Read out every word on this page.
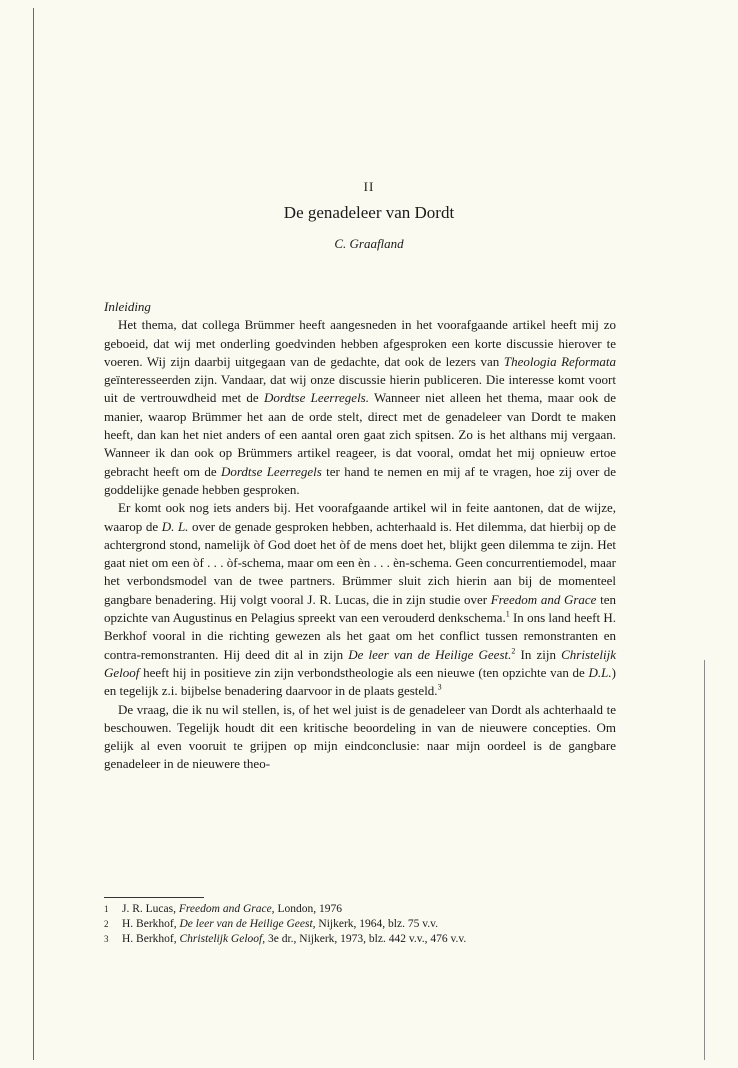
II
De genadeleer van Dordt
C. Graafland
Inleiding

Het thema, dat collega Brümmer heeft aangesneden in het voorafgaande artikel heeft mij zo geboeid, dat wij met onderling goedvinden hebben afgesproken een korte discussie hierover te voeren. Wij zijn daarbij uitgegaan van de gedachte, dat ook de lezers van Theologia Reformata geïnteresseerden zijn. Vandaar, dat wij onze discussie hierin publiceren. Die interesse komt voort uit de vertrouwdheid met de Dordtse Leerregels. Wanneer niet alleen het thema, maar ook de manier, waarop Brümmer het aan de orde stelt, direct met de genadeleer van Dordt te maken heeft, dan kan het niet anders of een aantal oren gaat zich spitsen. Zo is het althans mij vergaan. Wanneer ik dan ook op Brümmers artikel reageer, is dat vooral, omdat het mij opnieuw ertoe gebracht heeft om de Dordtse Leerregels ter hand te nemen en mij af te vragen, hoe zij over de goddelijke genade hebben gesproken.

Er komt ook nog iets anders bij. Het voorafgaande artikel wil in feite aantonen, dat de wijze, waarop de D. L. over de genade gesproken hebben, achterhaald is. Het dilemma, dat hierbij op de achtergrond stond, namelijk òf God doet het òf de mens doet het, blijkt geen dilemma te zijn. Het gaat niet om een òf . . . òf-schema, maar om een èn . . . èn-schema. Geen concurrentiemodel, maar het verbondsmodel van de twee partners. Brümmer sluit zich hierin aan bij de momenteel gangbare benadering. Hij volgt vooral J. R. Lucas, die in zijn studie over Freedom and Grace ten opzichte van Augustinus en Pelagius spreekt van een verouderd denkschema.$^1$ In ons land heeft H. Berkhof vooral in die richting gewezen als het gaat om het conflict tussen remonstranten en contra-remonstranten. Hij deed dit al in zijn De leer van de Heilige Geest.$^2$ In zijn Christelijk Geloof heeft hij in positieve zin zijn verbondstheologie als een nieuwe (ten opzichte van de D.L.) en tegelijk z.i. bijbelse benadering daarvoor in de plaats gesteld.$^3$

De vraag, die ik nu wil stellen, is, of het wel juist is de genadeleer van Dordt als achterhaald te beschouwen. Tegelijk houdt dit een kritische beoordeling in van de nieuwere concepties. Om gelijk al even vooruit te grijpen op mijn eindconclusie: naar mijn oordeel is de gangbare genadeleer in de nieuwere theo-

1 J. R. Lucas, Freedom and Grace, London, 1976
2 H. Berkhof, De leer van de Heilige Geest, Nijkerk, 1964, blz. 75 v.v.
3 H. Berkhof, Christelijk Geloof, 3e dr., Nijkerk, 1973, blz. 442 v.v., 476 v.v.
